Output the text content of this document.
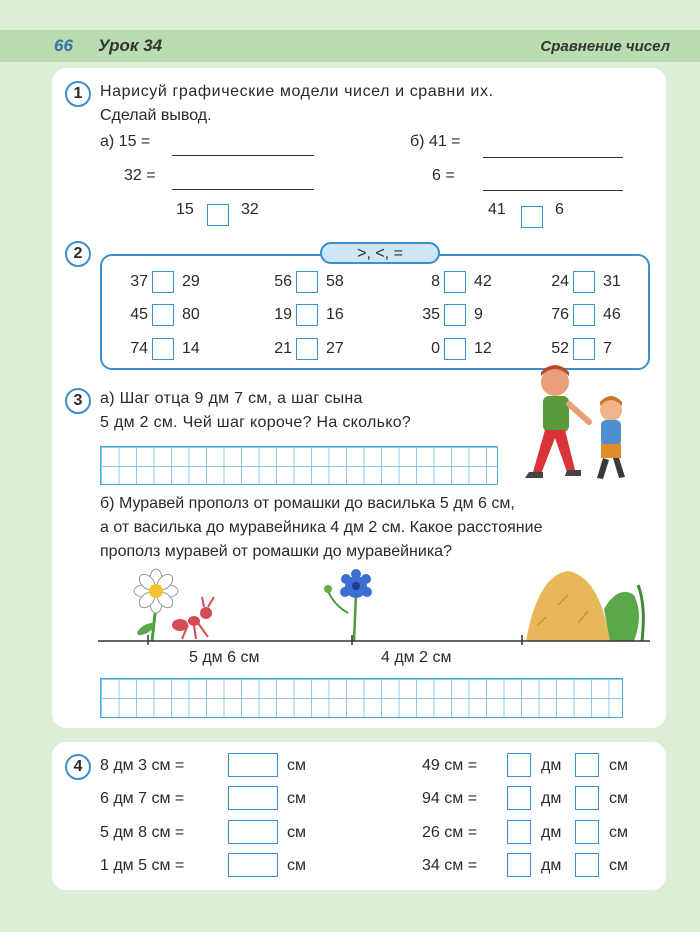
66 Урок 34	Сравнение чисел
1	Нарисуй графические модели чисел и сравни их.
Сделай вывод.
а) 15 =
32 =
15	32
б) 41 =
6 =
41	6
2	>, <, =
37 29	56 58	8 42	24 31
45 80	19 16	35 9	76 46
74 14	21 27	0 12	52 7
3	а) Шаг отца 9 дм 7 см, а шаг сына
5 дм 2 см. Чей шаг короче? На сколько?
б) Муравей прополз от ромашки до василька 5 дм 6 см,
а от василька до муравейника 4 дм 2 см. Какое расстояние
прополз муравей от ромашки до муравейника?
5 дм 6 см	4 дм 2 см
4	8 дм 3 см =	см
6 дм 7 см =	см
5 дм 8 см =	см
1 дм 5 см =	см
49 см =	дм	см
94 см =	дм	см
26 см =	дм	см
34 см =	дм	см
